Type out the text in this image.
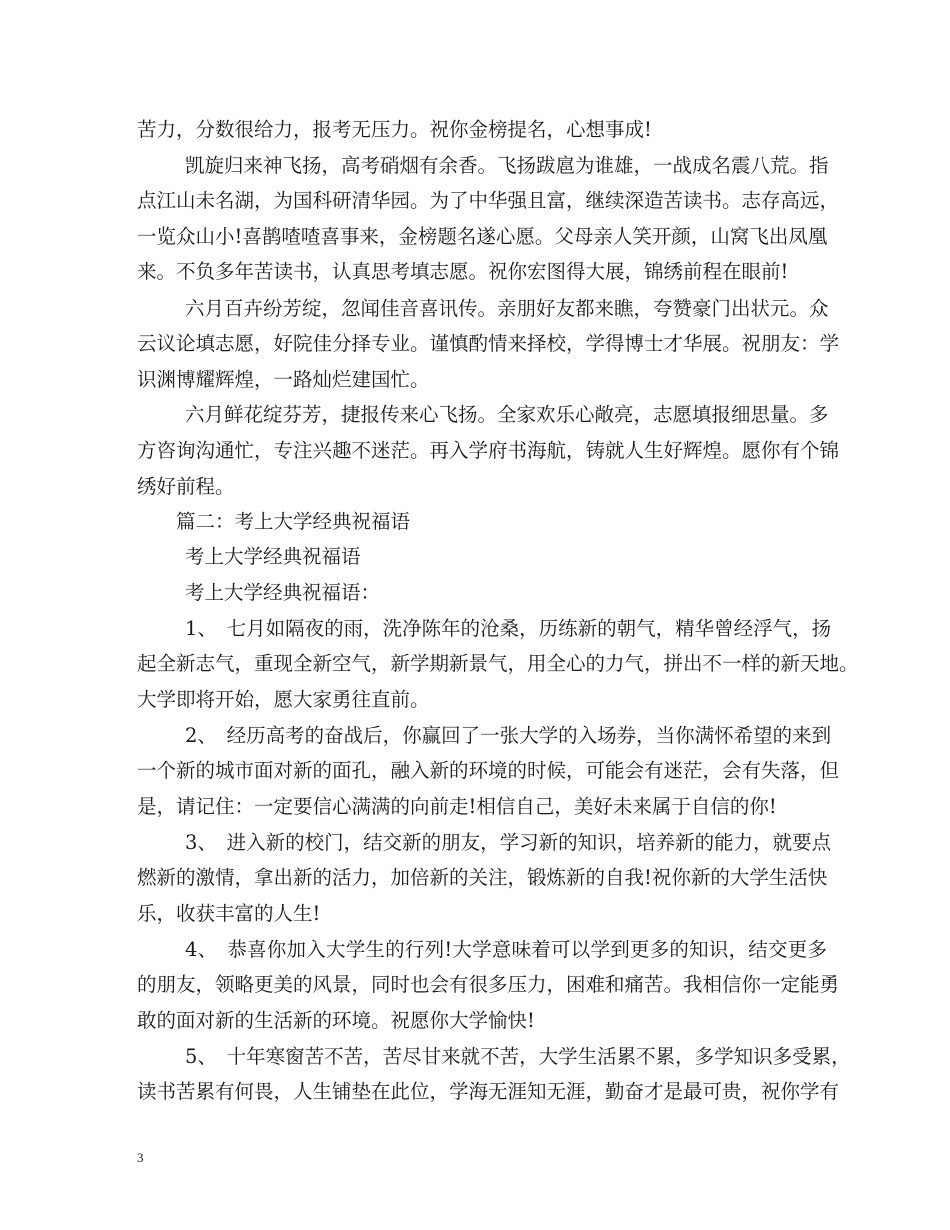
苦力，分数很给力，报考无压力。祝你金榜提名，心想事成!
凯旋归来神飞扬，高考硝烟有余香。飞扬跋扈为谁雄，一战成名震八荒。指
点江山未名湖，为国科研清华园。为了中华强且富，继续深造苦读书。志存高远，
一览众山小!喜鹊喳喳喜事来，金榜题名遂心愿。父母亲人笑开颜，山窝飞出凤凰
来。不负多年苦读书，认真思考填志愿。祝你宏图得大展，锦绣前程在眼前!
六月百卉纷芳绽，忽闻佳音喜讯传。亲朋好友都来瞧，夸赞豪门出状元。众
云议论填志愿，好院佳分择专业。谨慎酌情来择校，学得博士才华展。祝朋友：学
识渊博耀辉煌，一路灿烂建国忙。
六月鲜花绽芬芳，捷报传来心飞扬。全家欢乐心敞亮，志愿填报细思量。多
方咨询沟通忙，专注兴趣不迷茫。再入学府书海航，铸就人生好辉煌。愿你有个锦
绣好前程。
篇二：考上大学经典祝福语
考上大学经典祝福语
考上大学经典祝福语：
1、　七月如隔夜的雨，洗净陈年的沧桑，历练新的朝气，精华曾经浮气，扬
起全新志气，重现全新空气，新学期新景气，用全心的力气，拼出不一样的新天地。
大学即将开始，愿大家勇往直前。
2、　经历高考的奋战后，你赢回了一张大学的入场券，当你满怀希望的来到
一个新的城市面对新的面孔，融入新的环境的时候，可能会有迷茫，会有失落，但
是，请记住：一定要信心满满的向前走!相信自己，美好未来属于自信的你!
3、　进入新的校门，结交新的朋友，学习新的知识，培养新的能力，就要点
燃新的激情，拿出新的活力，加倍新的关注，锻炼新的自我!祝你新的大学生活快
乐，收获丰富的人生!
4、　恭喜你加入大学生的行列!大学意味着可以学到更多的知识，结交更多
的朋友，领略更美的风景，同时也会有很多压力，困难和痛苦。我相信你一定能勇
敢的面对新的生活新的环境。祝愿你大学愉快!
5、　十年寒窗苦不苦，苦尽甘来就不苦，大学生活累不累，多学知识多受累，
读书苦累有何畏，人生铺垫在此位，学海无涯知无涯，勤奋才是最可贵，祝你学有
3
